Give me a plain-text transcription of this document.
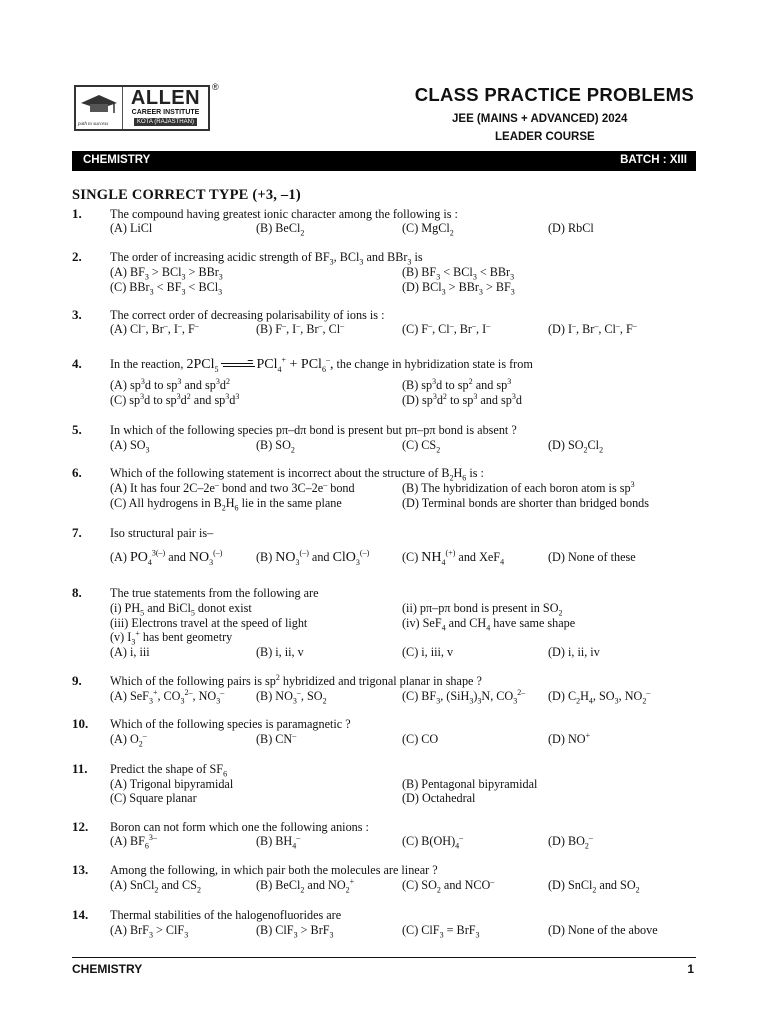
path to success
ALLEN
CAREER INSTITUTE
KOTA (RAJASTHAN)
®	CLASS PRACTICE PROBLEMS
JEE (MAINS + ADVANCED) 2024
LEADER COURSE
CHEMISTRY	BATCH : XIII
SINGLE CORRECT TYPE (+3, –1)
1. The compound having greatest ionic character among the following is :
(A) LiCl	(B) BeCl$_2$	(C) MgCl$_2$	(D) RbCl
2. The order of increasing acidic strength of $BF_3$, BCl$_3$ and BBr$_3$ is
(A) $BF_3 > BCl_3 > BBr_3$	(B) $BF_3 < BCl_3 < BBr_3$
(C) $BBr_3 < BF_3 < BCl_3$	(D) $BCl_3 > BBr_3 > BF_3$
3. The correct order of decreasing polarisability of ions is :
(A) Cl–, Br–, I–, F–	(B) F–, I–, Br–, Cl–	(C) F–, Cl–, Br–, I–	(D) I–, Br–, Cl–, F–
4. In the reaction, 2PCl$_5$ → PCl$_4$+ + PCl$_6$–, the change in hybridization state is from
(A) $sp^3d$ to $sp^3$ and $sp^3d^2$	(B) $sp^3d$ to $sp^2$ and $sp^3$
(C) $sp^3d$ to $sp^3d^2$ and $sp^3d^3$	(D) $sp^3d^2$ to $sp^3$ and $sp^3d$
5. In which of the following species pπ–dπ bond is present but pπ–pπ bond is absent ?
(A) $SO_3$	(B) $SO_2$	(C) $CS_2$	(D) $SO_2Cl_2$
6. Which of the following statement is incorrect about the structure of $B_2H_6$ is :
(A) It has four 2C–2e– bond and two 3C–2e– bond	(B) The hybridization of each boron atom is $sp^3$
(C) All hydrogens in $B_2H_6$ lie in the same plane	(D) Terminal bonds are shorter than bridged bonds
7. Iso structural pair is–
(A) $PO_4^{3(-)}$ and $NO_3^{(-)}$	(B) $NO_3^{(-)}$ and ClO$_3$(–)	(C) $NH_4^{(+)}$ and XeF$_4$	(D) None of these
8. The true statements from the following are
(i) $PH_5$ and BiCl$_5$ donot exist	(ii) pπ–pπ bond is present in $SO_2$
(iii) Electrons travel at the speed of light	(iv) SeF$_4$ and $CH_4$ have same shape
(v) $I_3^+$ has bent geometry
(A) i, iii	(B) i, ii, v	(C) i, iii, v	(D) i, ii, iv
9. Which of the following pairs is $sp^2$ hybridized and trigonal planar in shape ?
(A) SeF$_3$+, $CO_3^{2-}$, $NO_3^-$	(B) $NO_3^-$, $SO_2$	(C) $BF_3$, $(SiH_3)_3N$, $CO_3^{2-}$ (D) $C_2H_4$, $SO_3$, $NO_2^-$
10. Which of the following species is paramagnetic ?
(A) $O_2^-$	(B) CN–	(C) CO	(D) NO+
11. Predict the shape of $SF_6$
(A) Trigonal bipyramidal	(B) Pentagonal bipyramidal
(C) Square planar	(D) Octahedral
12. Boron can not form which one the following anions :
(A) $BF_6^{3-}$	(B) $BH_4^-$	(C) $B(OH)_4^-$	(D) $BO_2^-$
13. Among the following, in which pair both the molecules are linear ?
(A) SnCl$_2$ and $CS_2$	(B) BeCl$_2$ and $NO_2^+$	(C) $SO_2$ and NCO–	(D) SnCl$_2$ and $SO_2$
14. Thermal stabilities of the halogenofluorides are
(A) BrF$_3$ > ClF$_3$	(B) ClF$_3$ > BrF$_3$	(C) ClF$_3$ = BrF$_3$	(D) None of the above
CHEMISTRY	1
